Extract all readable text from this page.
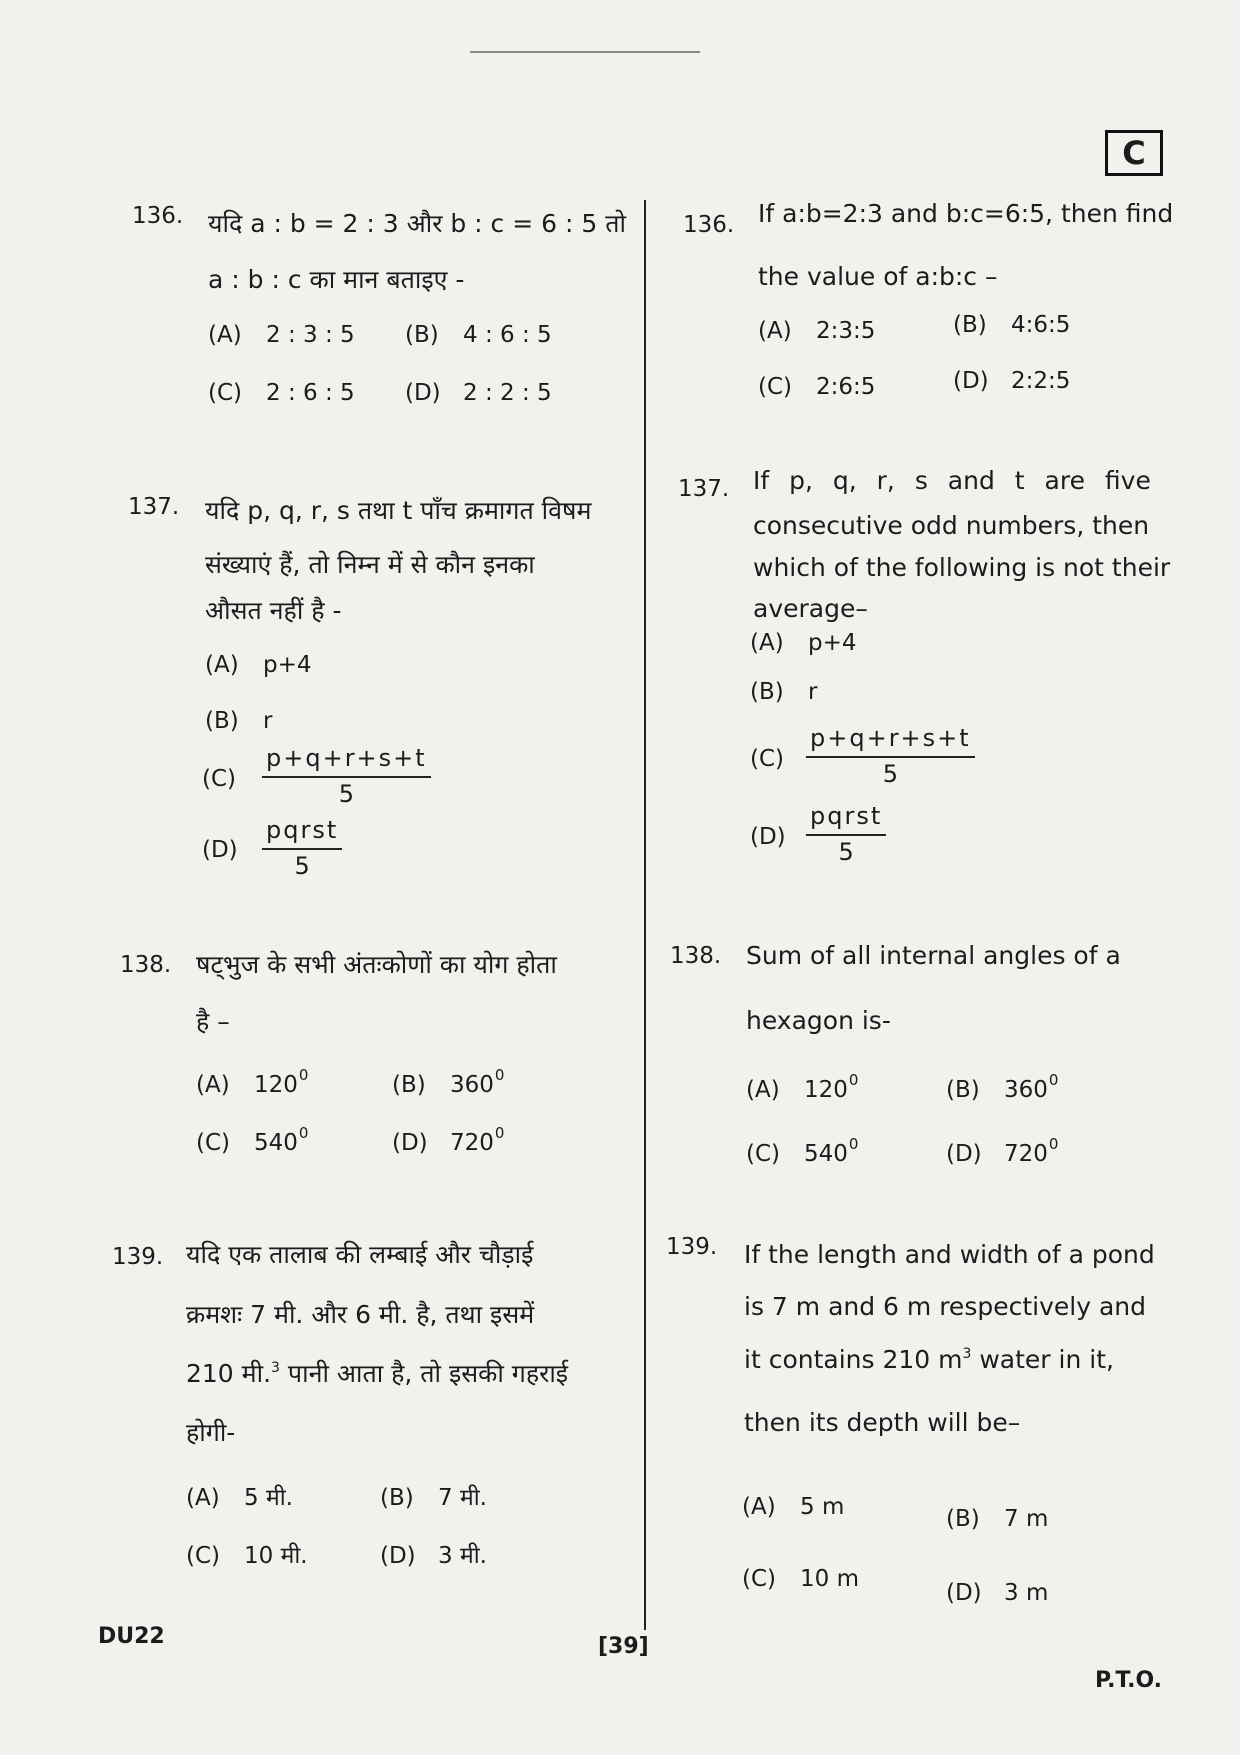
C
136. यदि a : b = 2 : 3 और b : c = 6 : 5 तो
a : b : c का मान बताइए -
(A) 2 : 3 : 5 (B) 4 : 6 : 5
(C) 2 : 6 : 5 (D) 2 : 2 : 5
136. If a:b=2:3 and b:c=6:5, then find
the value of a:b:c –
(A) 2:3:5	(B) 4:6:5
(C) 2:6:5	(D) 2:2:5
137. यदि p, q, r, s तथा t पाँच क्रमागत विषम
संख्याएं हैं, तो निम्न में से कौन इनका
औसत नहीं है -
(A) p+4
(B) r
$(C) \frac{p+q+r+s+t}{5}$
(D)
pqrst
5
137. If p, q, r, s and t are five
consecutive odd numbers, then
which of the following is not their
average–
(A) p+4
(B) r
$(C) \frac{p+q+r+s+t}{5}$
(D)
pqrst
5
138. षट्भुज के सभी अंतःकोणों का योग होता
है –
(A) $120^0$	(B) $360^0$
(C) $540^0$	(D) $720^0$
138. Sum of all internal angles of a
hexagon is-
(A) $120^0$	(B) $360^0$
(C) $540^0$	(D) $720^0$
139. यदि एक तालाब की लम्बाई और चौड़ाई
क्रमशः 7 मी. और 6 मी. है, तथा इसमें
210 मी.$^3$ पानी आता है, तो इसकी गहराई
होगी-
(A) 5 मी.	(B) 7 मी.
(C) 10 मी.	(D) 3 मी.
139. If the length and width of a pond
is 7 m and 6 m respectively and
it contains 210 $m^3$ water in it,
then its depth will be–
(A) 5 m	(B) 7 m
(C) 10 m
(D) 3 m
DU22	[39]
P.T.O.
